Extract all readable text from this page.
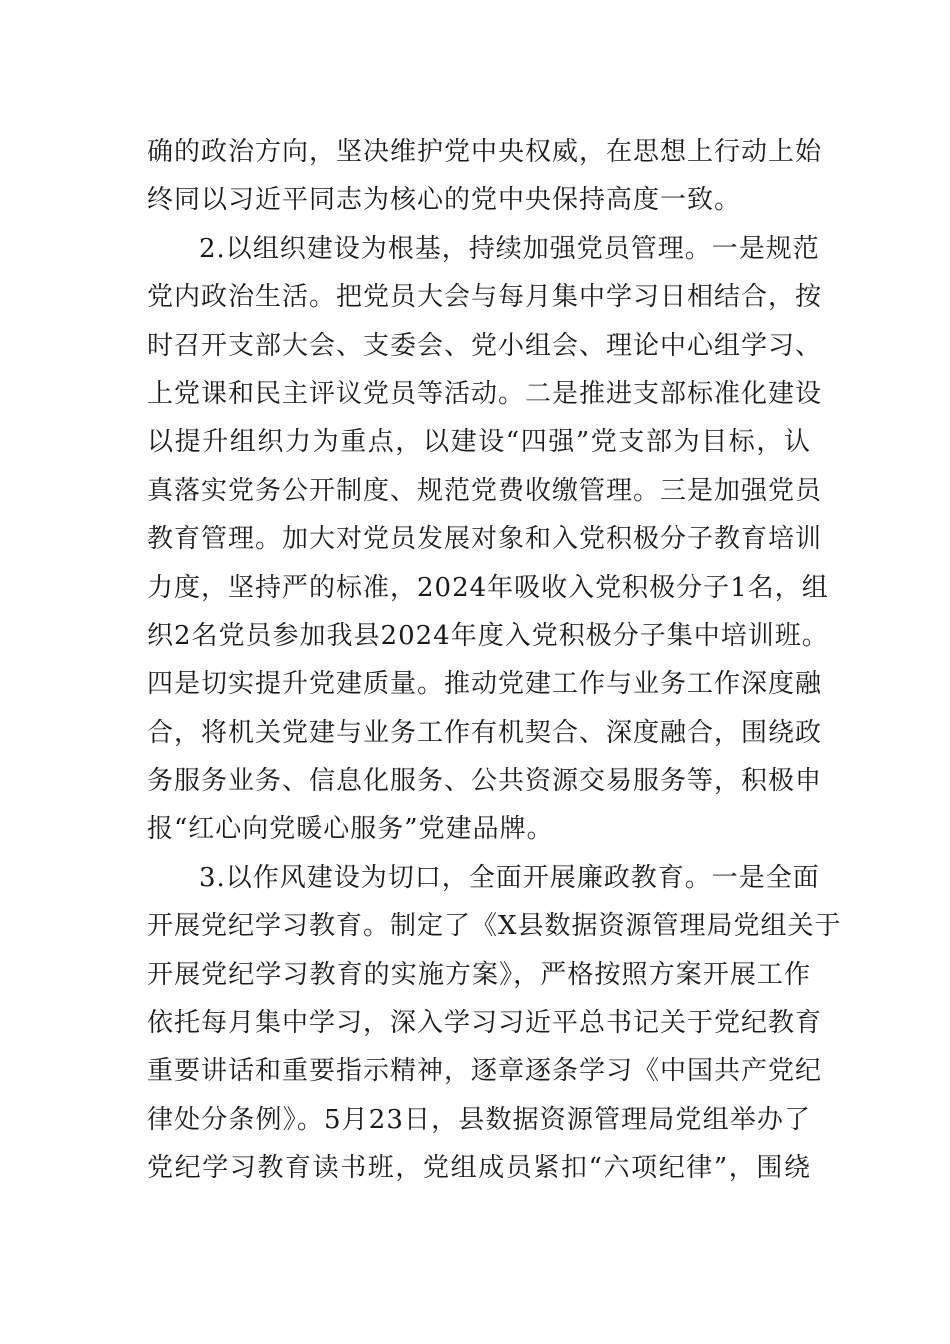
确的政治方向，坚决维护党中央权威，在思想上行动上始
终同以习近平同志为核心的党中央保持高度一致。
2.以组织建设为根基，持续加强党员管理。一是规范
党内政治生活。把党员大会与每月集中学习日相结合，按
时召开支部大会、支委会、党小组会、理论中心组学习、
上党课和民主评议党员等活动。二是推进支部标准化建设
以提升组织力为重点，以建设“四强”党支部为目标，认
真落实党务公开制度、规范党费收缴管理。三是加强党员
教育管理。加大对党员发展对象和入党积极分子教育培训
力度，坚持严的标准，2024年吸收入党积极分子1名，组
织2名党员参加我县2024年度入党积极分子集中培训班。
四是切实提升党建质量。推动党建工作与业务工作深度融
合，将机关党建与业务工作有机契合、深度融合，围绕政
务服务业务、信息化服务、公共资源交易服务等，积极申
报“红心向党暖心服务”党建品牌。
3.以作风建设为切口，全面开展廉政教育。一是全面
开展党纪学习教育。制定了《X县数据资源管理局党组关于
开展党纪学习教育的实施方案》，严格按照方案开展工作
依托每月集中学习，深入学习习近平总书记关于党纪教育
重要讲话和重要指示精神，逐章逐条学习《中国共产党纪
律处分条例》。5月23日，县数据资源管理局党组举办了
党纪学习教育读书班，党组成员紧扣“六项纪律”，围绕
